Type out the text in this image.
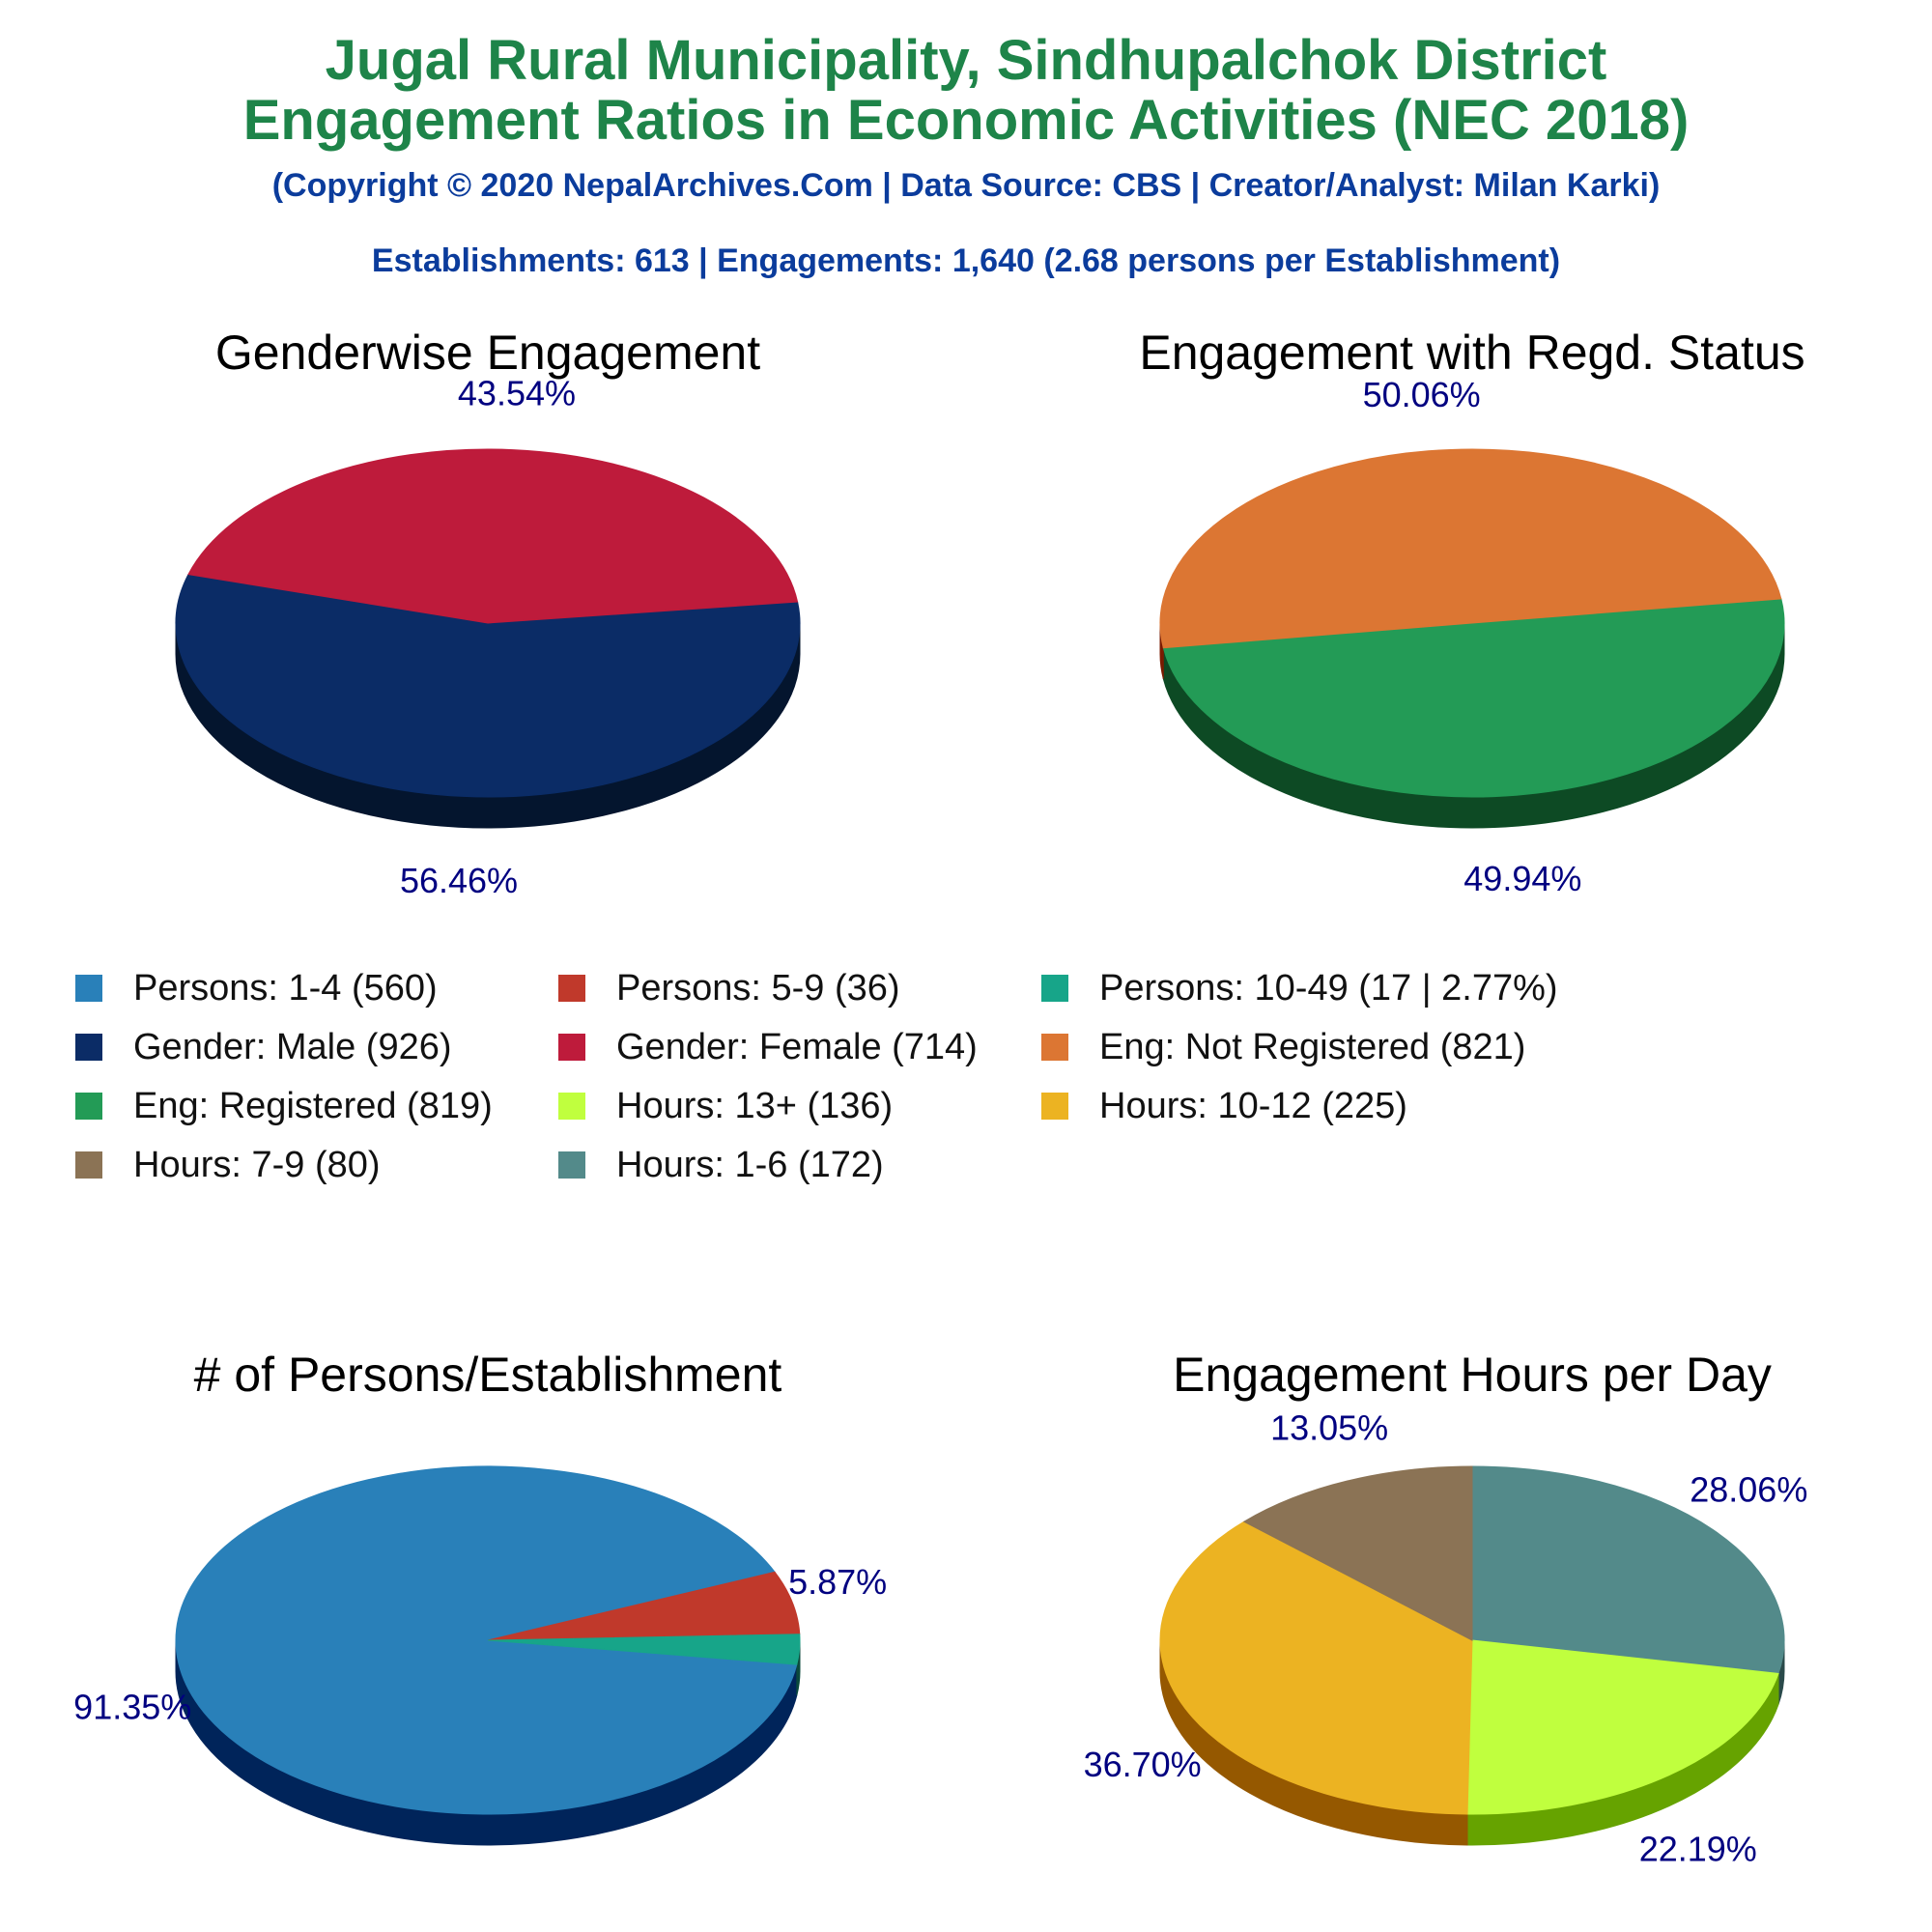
Jugal Rural Municipality, Sindhupalchok District
Engagement Ratios in Economic Activities (NEC 2018)
(Copyright © 2020 NepalArchives.Com | Data Source: CBS | Creator/Analyst: Milan Karki)
Establishments: 613 | Engagements: 1,640 (2.68 persons per Establishment)
Genderwise Engagement
56.46%
43.54%
Engagement with Regd. Status
49.94%
50.06%
# of Persons/Establishment
91.35%
5.87%
Engagement Hours per Day
28.06%
22.19%
36.70%
13.05%
Persons: 1-4 (560)	Persons: 5-9 (36)	Persons: 10-49 (17 | 2.77%)
Gender: Male (926)	Gender: Female (714)	Eng: Not Registered (821)
Eng: Registered (819)	Hours: 13+ (136)	Hours: 10-12 (225)
Hours: 7-9 (80)	Hours: 1-6 (172)
